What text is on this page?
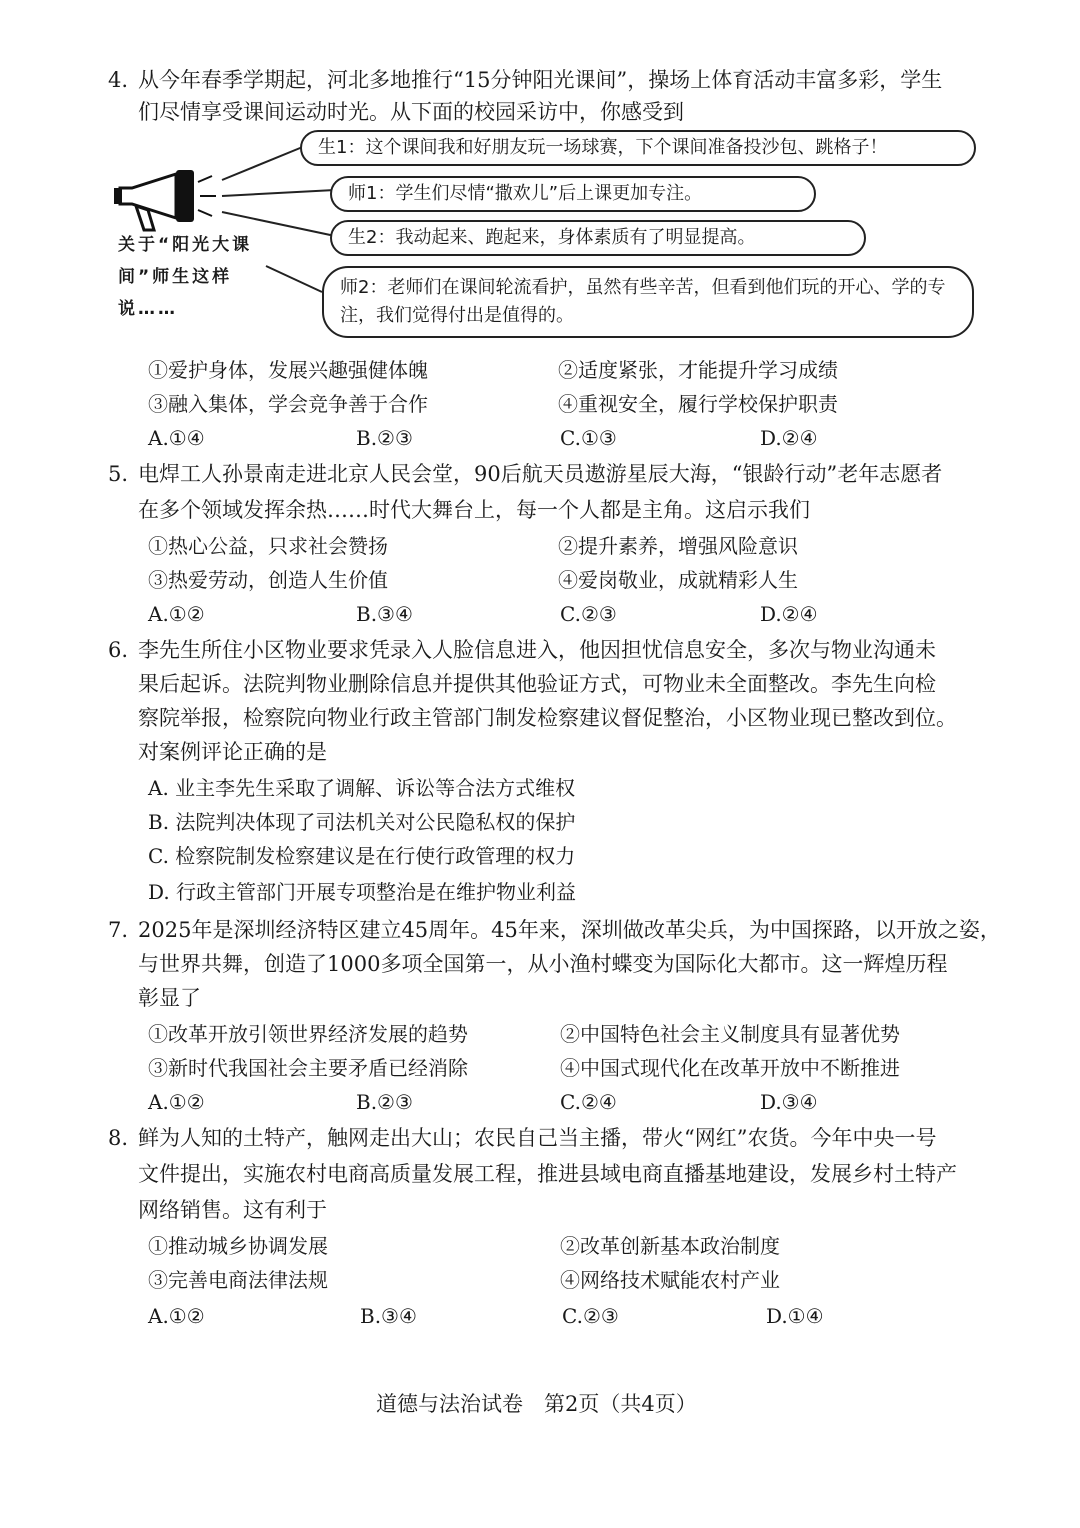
4. 从今年春季学期起，河北多地推行“15分钟阳光课间”，操场上体育活动丰富多彩，学生
们尽情享受课间运动时光。从下面的校园采访中，你感受到
关于“阳光大课
间”师生这样
说……
生1：这个课间我和好朋友玩一场球赛，下个课间准备投沙包、跳格子！
师1：学生们尽情“撒欢儿”后上课更加专注。
生2：我动起来、跑起来，身体素质有了明显提高。
师2：老师们在课间轮流看护，虽然有些辛苦，但看到他们玩的开心、学的专注，我们觉得付出是值得的。
①爱护身体，发展兴趣强健体魄	②适度紧张，才能提升学习成绩
③融入集体，学会竞争善于合作	④重视安全，履行学校保护职责
A.①④	B.②③	C.①③	D.②④
5. 电焊工人孙景南走进北京人民会堂，90后航天员遨游星辰大海，“银龄行动”老年志愿者
在多个领域发挥余热……时代大舞台上，每一个人都是主角。这启示我们
①热心公益，只求社会赞扬	②提升素养，增强风险意识
③热爱劳动，创造人生价值	④爱岗敬业，成就精彩人生
A.①②	B.③④	C.②③	D.②④
6. 李先生所住小区物业要求凭录入人脸信息进入，他因担忧信息安全，多次与物业沟通未
果后起诉。法院判物业删除信息并提供其他验证方式，可物业未全面整改。李先生向检
察院举报，检察院向物业行政主管部门制发检察建议督促整治，小区物业现已整改到位。
对案例评论正确的是
A. 业主李先生采取了调解、诉讼等合法方式维权
B. 法院判决体现了司法机关对公民隐私权的保护
C. 检察院制发检察建议是在行使行政管理的权力
D. 行政主管部门开展专项整治是在维护物业利益
7. 2025年是深圳经济特区建立45周年。45年来，深圳做改革尖兵，为中国探路，以开放之姿，
与世界共舞，创造了1000多项全国第一，从小渔村蝶变为国际化大都市。这一辉煌历程
彰显了
①改革开放引领世界经济发展的趋势	②中国特色社会主义制度具有显著优势
③新时代我国社会主要矛盾已经消除	④中国式现代化在改革开放中不断推进
A.①②	B.②③	C.②④	D.③④
8. 鲜为人知的土特产，触网走出大山；农民自己当主播，带火“网红”农货。今年中央一号
文件提出，实施农村电商高质量发展工程，推进县域电商直播基地建设，发展乡村土特产
网络销售。这有利于
①推动城乡协调发展	②改革创新基本政治制度
③完善电商法律法规	④网络技术赋能农村产业
A.①②	B.③④	C.②③	D.①④
道德与法治试卷　第2页（共4页）
